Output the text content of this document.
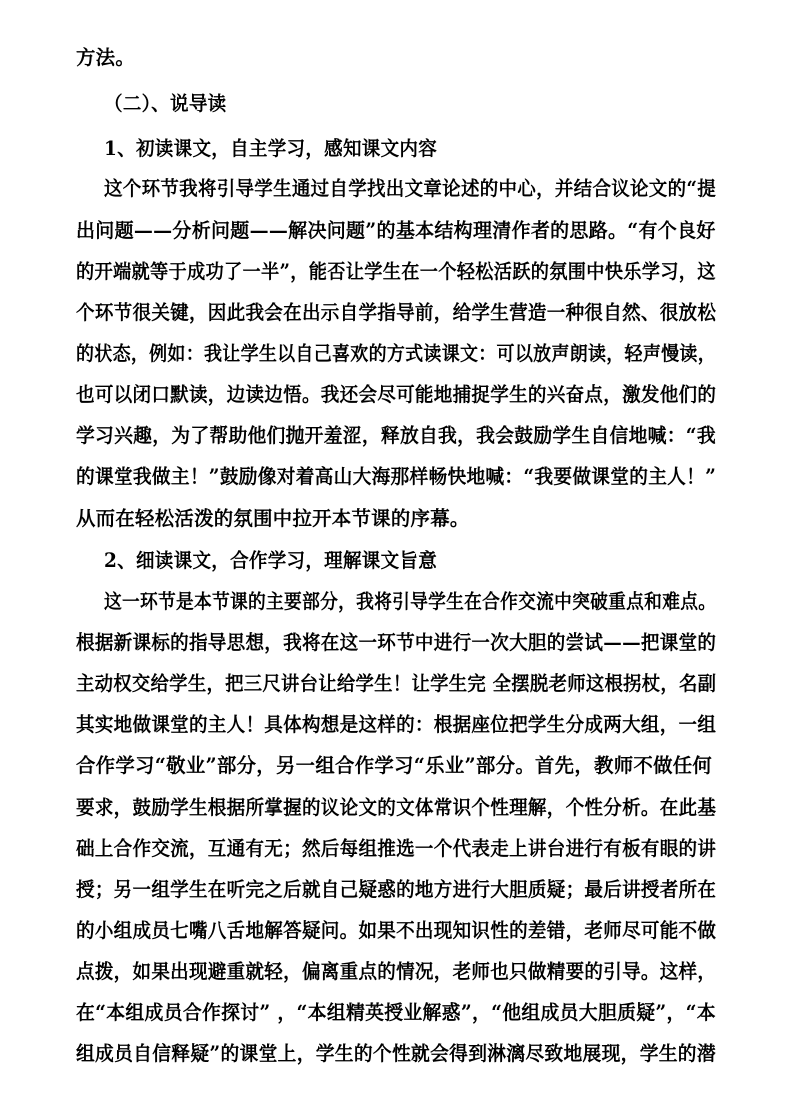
方法。
（二）、说导读
1、初读课文，自主学习，感知课文内容
这个环节我将引导学生通过自学找出文章论述的中心，并结合议论文的“提
出问题——分析问题——解决问题”的基本结构理清作者的思路。“有个良好
的开端就等于成功了一半”，能否让学生在一个轻松活跃的氛围中快乐学习，这
个环节很关键，因此我会在出示自学指导前，给学生营造一种很自然、很放松
的状态，例如：我让学生以自己喜欢的方式读课文：可以放声朗读，轻声慢读，
也可以闭口默读，边读边悟。我还会尽可能地捕捉学生的兴奋点，激发他们的
学习兴趣，为了帮助他们抛开羞涩，释放自我，我会鼓励学生自信地喊：“我
的课堂我做主！”鼓励像对着高山大海那样畅快地喊：“我要做课堂的主人！”
从而在轻松活泼的氛围中拉开本节课的序幕。
2、细读课文，合作学习，理解课文旨意
这一环节是本节课的主要部分，我将引导学生在合作交流中突破重点和难点。
根据新课标的指导思想，我将在这一环节中进行一次大胆的尝试——把课堂的
主动权交给学生，把三尺讲台让给学生！让学生完 全摆脱老师这根拐杖，名副
其实地做课堂的主人！具体构想是这样的：根据座位把学生分成两大组，一组
合作学习“敬业”部分，另一组合作学习“乐业”部分。首先，教师不做任何
要求，鼓励学生根据所掌握的议论文的文体常识个性理解，个性分析。在此基
础上合作交流，互通有无；然后每组推选一个代表走上讲台进行有板有眼的讲
授；另一组学生在听完之后就自己疑惑的地方进行大胆质疑；最后讲授者所在
的小组成员七嘴八舌地解答疑问。如果不出现知识性的差错，老师尽可能不做
点拨，如果出现避重就轻，偏离重点的情况，老师也只做精要的引导。这样，
在“本组成员合作探讨” ，“本组精英授业解惑”，“他组成员大胆质疑”，“本
组成员自信释疑”的课堂上，学生的个性就会得到淋漓尽致地展现，学生的潜
